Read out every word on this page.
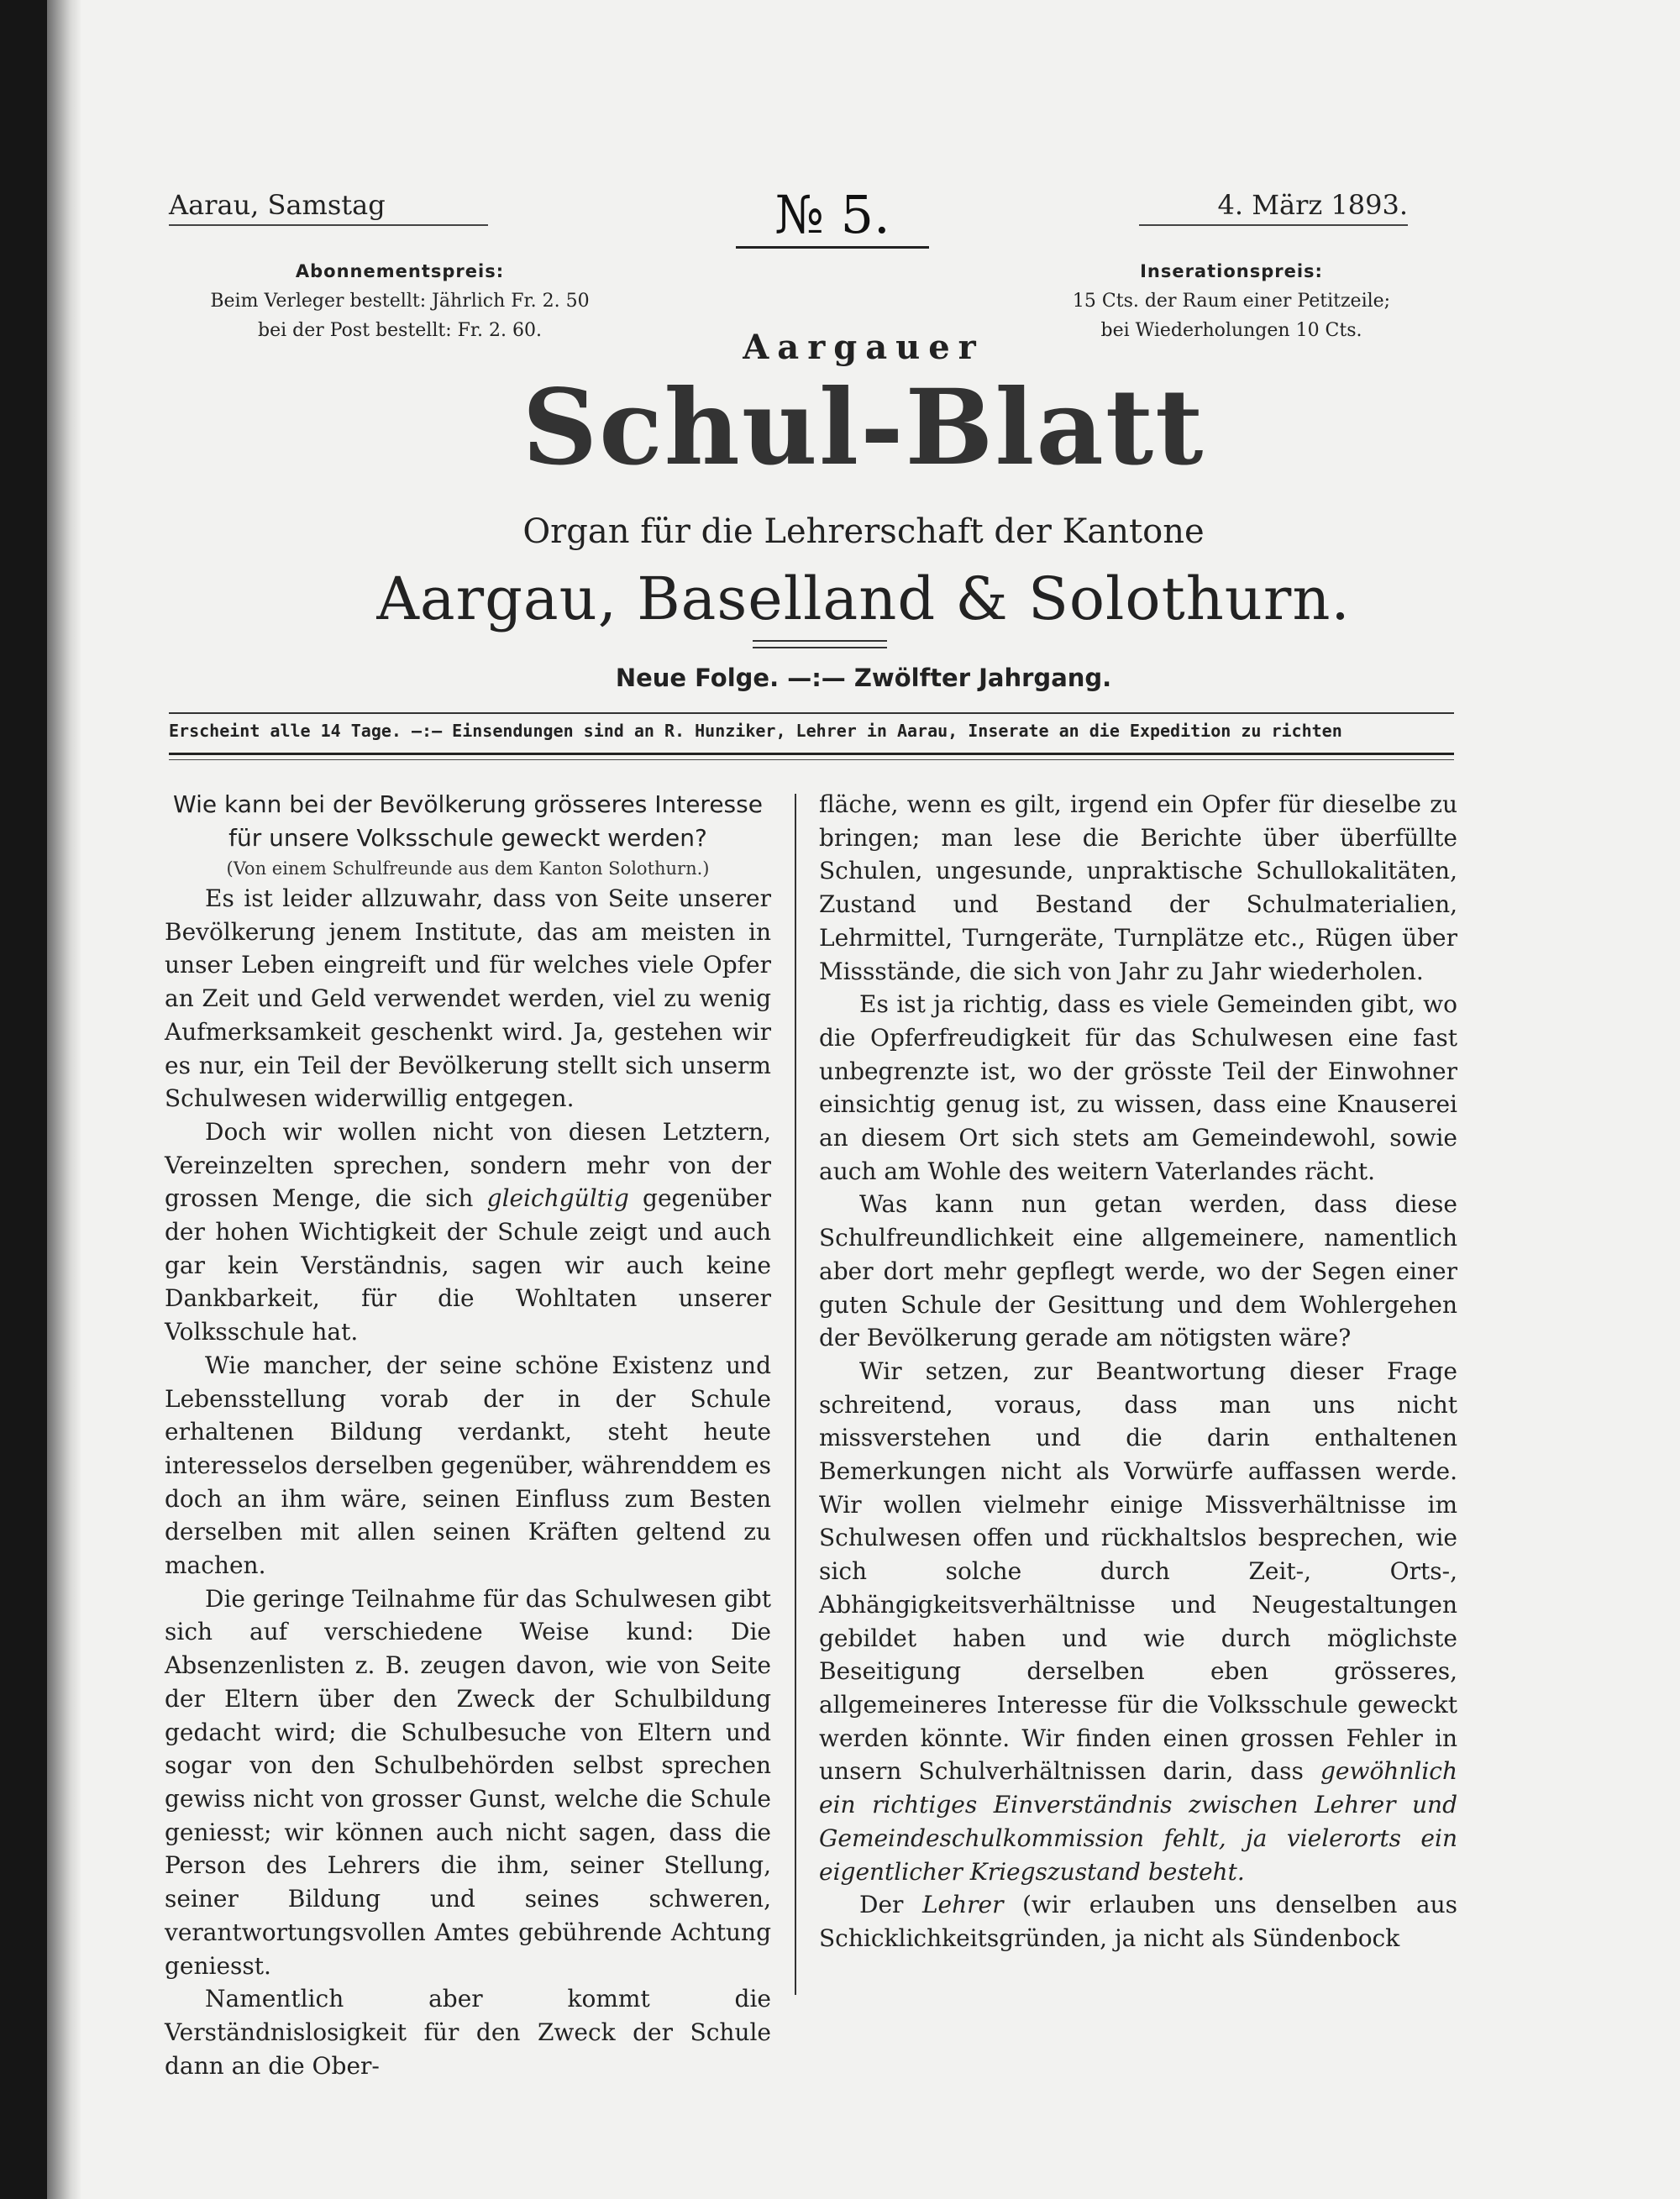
Aarau, Samstag	№ 5.	4. März 1893.
Abonnementspreis:
Beim Verleger bestellt: Jährlich Fr. 2. 50
bei der Post bestellt: Fr. 2. 60.
Inserationspreis:
15 Cts. der Raum einer Petitzeile;
bei Wiederholungen 10 Cts.
Aargauer
Schul-Blatt
Organ für die Lehrerschaft der Kantone
Aargau, Baselland & Solothurn.
Neue Folge. —:— Zwölfter Jahrgang.
Erscheint alle 14 Tage. —:— Einsendungen sind an R. Hunziker, Lehrer in Aarau, Inserate an die Expedition zu richten

Wie kann bei der Bevölkerung grösseres Interesse

für unsere Volksschule geweckt werden?

(Von einem Schulfreunde aus dem Kanton Solothurn.)

Es ist leider allzuwahr, dass von Seite unserer Bevölkerung jenem Institute, das am meisten in unser Leben eingreift und für welches viele Opfer an Zeit und Geld verwendet werden, viel zu wenig Aufmerksamkeit geschenkt wird. Ja, gestehen wir es nur, ein Teil der Bevölkerung stellt sich unserm Schulwesen widerwillig entgegen.

Doch wir wollen nicht von diesen Letztern, Vereinzelten sprechen, sondern mehr von der grossen Menge, die sich gleichgültig gegenüber der hohen Wichtigkeit der Schule zeigt und auch gar kein Verständnis, sagen wir auch keine Dankbarkeit, für die Wohltaten unserer Volksschule hat.

Wie mancher, der seine schöne Existenz und Lebensstellung vorab der in der Schule erhaltenen Bildung verdankt, steht heute interesselos derselben gegenüber, währenddem es doch an ihm wäre, seinen Einfluss zum Besten derselben mit allen seinen Kräften geltend zu machen.

Die geringe Teilnahme für das Schulwesen gibt sich auf verschiedene Weise kund: Die Absenzenlisten z. B. zeugen davon, wie von Seite der Eltern über den Zweck der Schulbildung gedacht wird; die Schulbesuche von Eltern und sogar von den Schulbehörden selbst sprechen gewiss nicht von grosser Gunst, welche die Schule geniesst; wir können auch nicht sagen, dass die Person des Lehrers die ihm, seiner Stellung, seiner Bildung und seines schweren, verantwortungsvollen Amtes gebührende Achtung geniesst.

Namentlich aber kommt die Verständnislosigkeit für den Zweck der Schule dann an die Ober-

fläche, wenn es gilt, irgend ein Opfer für dieselbe zu bringen; man lese die Berichte über überfüllte Schulen, ungesunde, unpraktische Schullokalitäten, Zustand und Bestand der Schulmaterialien, Lehrmittel, Turngeräte, Turnplätze etc., Rügen über Missstände, die sich von Jahr zu Jahr wiederholen.

Es ist ja richtig, dass es viele Gemeinden gibt, wo die Opferfreudigkeit für das Schulwesen eine fast unbegrenzte ist, wo der grösste Teil der Einwohner einsichtig genug ist, zu wissen, dass eine Knauserei an diesem Ort sich stets am Gemeindewohl, sowie auch am Wohle des weitern Vaterlandes rächt.

Was kann nun getan werden, dass diese Schulfreundlichkeit eine allgemeinere, namentlich aber dort mehr gepflegt werde, wo der Segen einer guten Schule der Gesittung und dem Wohlergehen der Bevölkerung gerade am nötigsten wäre?

Wir setzen, zur Beantwortung dieser Frage schreitend, voraus, dass man uns nicht missverstehen und die darin enthaltenen Bemerkungen nicht als Vorwürfe auffassen werde. Wir wollen vielmehr einige Missverhältnisse im Schulwesen offen und rückhaltslos besprechen, wie sich solche durch Zeit-, Orts-, Abhängigkeitsverhältnisse und Neugestaltungen gebildet haben und wie durch möglichste Beseitigung derselben eben grösseres, allgemeineres Interesse für die Volksschule geweckt werden könnte. Wir finden einen grossen Fehler in unsern Schulverhältnissen darin, dass gewöhnlich ein richtiges Einverständnis zwischen Lehrer und Gemeindeschulkommission fehlt, ja vielerorts ein eigentlicher Kriegszustand besteht.

Der Lehrer (wir erlauben uns denselben aus Schicklichkeitsgründen, ja nicht als Sündenbock
